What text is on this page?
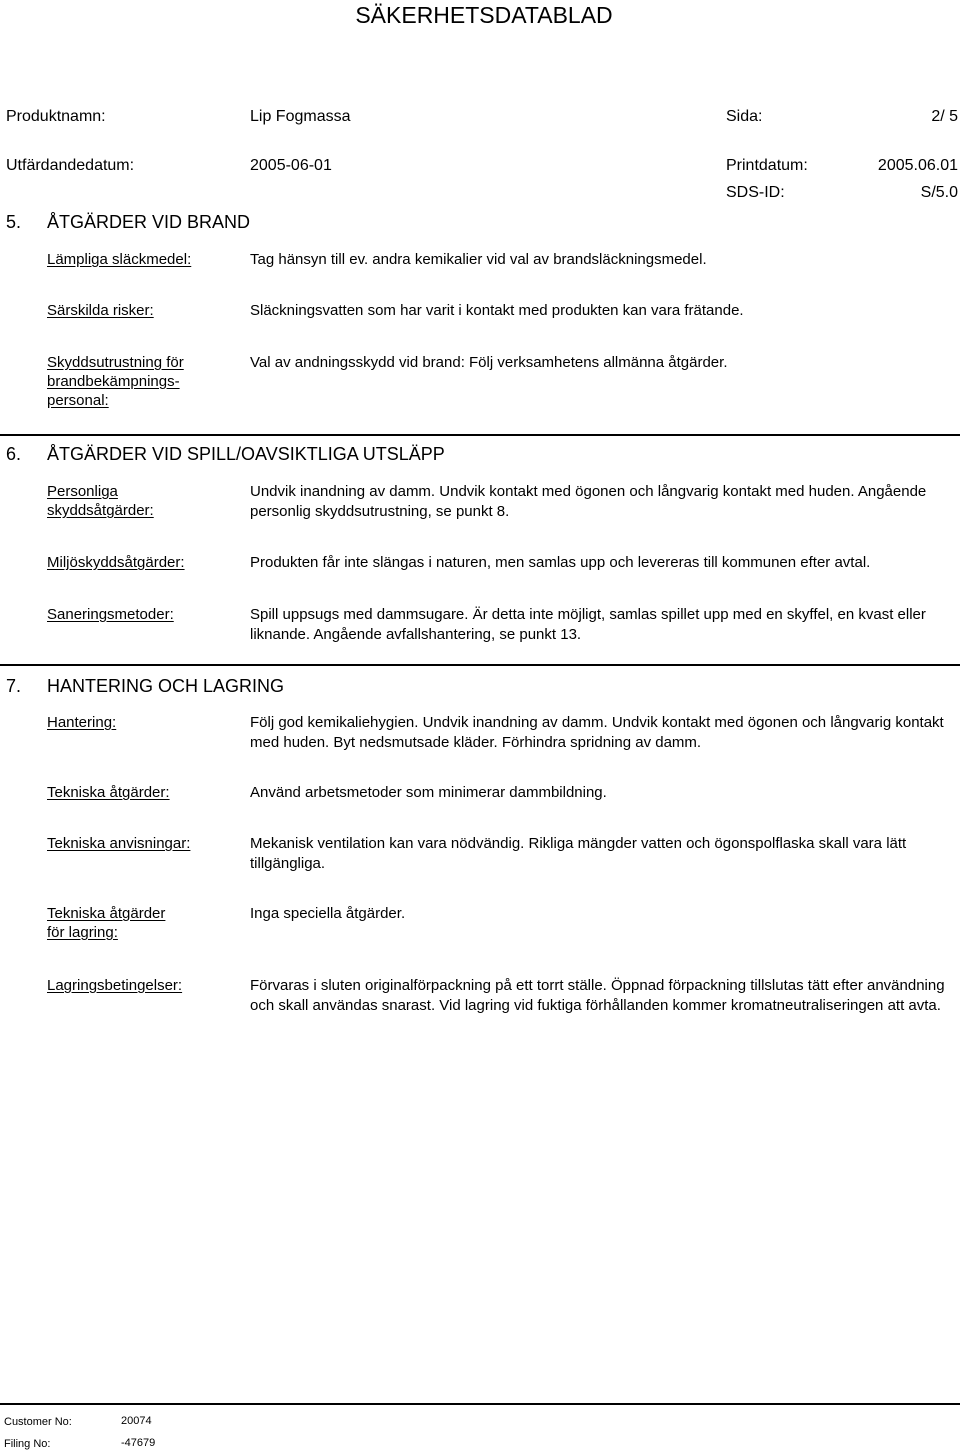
SÄKERHETSDATABLAD
Produktnamn:	Lip Fogmassa	Sida:	2/ 5
Utfärdandedatum:	2005-06-01	Printdatum:	2005.06.01
SDS-ID:	S/5.0
5. ÅTGÄRDER VID BRAND
Lämpliga släckmedel:	Tag hänsyn till ev. andra kemikalier vid val av brandsläckningsmedel.
Särskilda risker:	Släckningsvatten som har varit i kontakt med produkten kan vara frätande.
Skyddsutrustning för
brandbekämpnings-
personal:
Val av andningsskydd vid brand: Följ verksamhetens allmänna åtgärder.
6. ÅTGÄRDER VID SPILL/OAVSIKTLIGA UTSLÄPP
Personliga
skyddsåtgärder:
Undvik inandning av damm. Undvik kontakt med ögonen och långvarig kontakt med huden. Angående personlig skyddsutrustning, se punkt 8.
Miljöskyddsåtgärder:	Produkten får inte slängas i naturen, men samlas upp och levereras till kommunen efter avtal.
Saneringsmetoder:	Spill uppsugs med dammsugare. Är detta inte möjligt, samlas spillet upp med en skyffel, en kvast eller liknande. Angående avfallshantering, se punkt 13.
7. HANTERING OCH LAGRING
Hantering:	Följ god kemikaliehygien. Undvik inandning av damm. Undvik kontakt med ögonen och långvarig kontakt med huden. Byt nedsmutsade kläder. Förhindra spridning av damm.
Tekniska åtgärder:	Använd arbetsmetoder som minimerar dammbildning.
Tekniska anvisningar:	Mekanisk ventilation kan vara nödvändig. Rikliga mängder vatten och ögonspolflaska skall vara lätt tillgängliga.
Tekniska åtgärder
för lagring:
Inga speciella åtgärder.
Lagringsbetingelser:	Förvaras i sluten originalförpackning på ett torrt ställe. Öppnad förpackning tillslutas tätt efter användning och skall användas snarast. Vid lagring vid fuktiga förhållanden kommer kromatneutraliseringen att avta.
Customer No:	20074
Filing No:	-47679
